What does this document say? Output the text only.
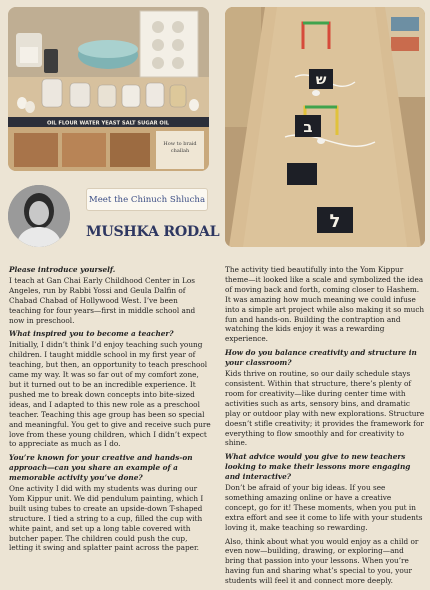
OIL FLOUR WATER YEAST SALT SUGAR OIL
How to braid
challah
ש
ב
ל
Meet the Chinuch Shlucha
MUSHKA RODAL

Please introduce yourself.

I teach at Gan Chai Early Childhood Center in Los Angeles, run by Rabbi Yossi and Geula Dalfin of Chabad Chabad of Hollywood West. I’ve been teaching for four years—first in middle school and now in preschool.

What inspired you to become a teacher?

Initially, I didn’t think I’d enjoy teaching such young children. I taught middle school in my first year of teaching, but then, an opportunity to teach preschool came my way. It was so far out of my comfort zone, but it turned out to be an incredible experience. It pushed me to break down concepts into bite-sized ideas, and I adapted to this new role as a preschool teacher. Teaching this age group has been so special and meaningful. You get to give and receive such pure love from these young children, which I didn’t expect to appreciate as much as I do.

You’re known for your creative and hands-on approach—can you share an example of a memorable activity you’ve done?

One activity I did with my students was during our Yom Kippur unit. We did pendulum painting, which I built using tubes to create an upside-down T-shaped structure. I tied a string to a cup, filled the cup with white paint, and set up a long table covered with butcher paper. The children could push the cup, letting it swing and splatter paint across the paper.

The activity tied beautifully into the Yom Kippur theme—it looked like a scale and symbolized the idea of moving back and forth, coming closer to Hashem. It was amazing how much meaning we could infuse into a simple art project while also making it so much fun and hands-on. Building the contraption and watching the kids enjoy it was a rewarding experience.

How do you balance creativity and structure in your classroom?

Kids thrive on routine, so our daily schedule stays consistent. Within that structure, there’s plenty of room for creativity—like during center time with activities such as arts, sensory bins, and dramatic play or outdoor play with new explorations. Structure doesn’t stifle creativity; it provides the framework for everything to flow smoothly and for creativity to shine.

What advice would you give to new teachers looking to make their lessons more engaging and interactive?

Don’t be afraid of your big ideas. If you see something amazing online or have a creative concept, go for it! These moments, when you put in extra effort and see it come to life with your students loving it, make teaching so rewarding.

Also, think about what you would enjoy as a child or even now—building, drawing, or exploring—and bring that passion into your lessons. When you’re having fun and sharing what’s special to you, your students will feel it and connect more deeply.
